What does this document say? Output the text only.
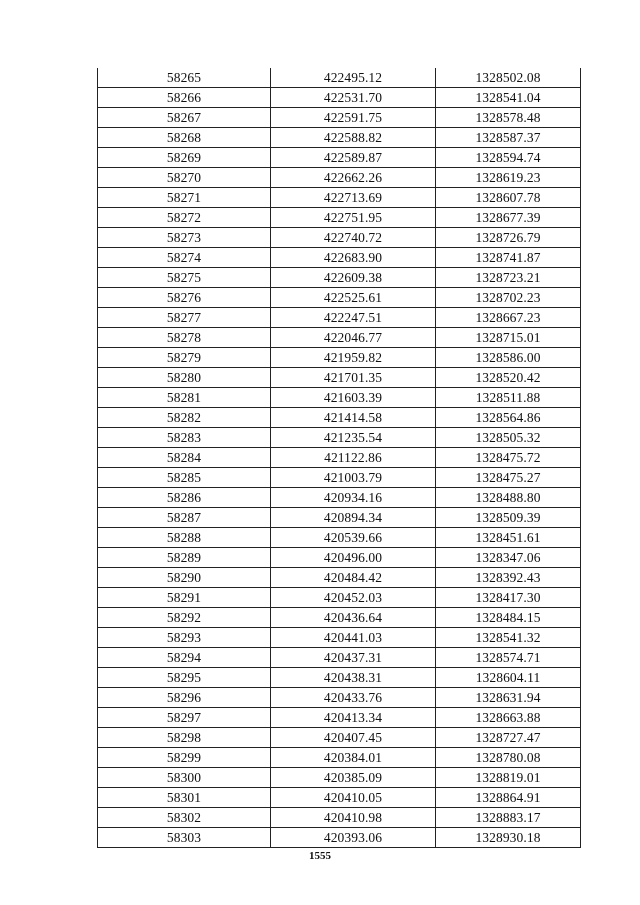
58265	422495.12	1328502.08
58266	422531.70	1328541.04
58267	422591.75	1328578.48
58268	422588.82	1328587.37
58269	422589.87	1328594.74
58270	422662.26	1328619.23
58271	422713.69	1328607.78
58272	422751.95	1328677.39
58273	422740.72	1328726.79
58274	422683.90	1328741.87
58275	422609.38	1328723.21
58276	422525.61	1328702.23
58277	422247.51	1328667.23
58278	422046.77	1328715.01
58279	421959.82	1328586.00
58280	421701.35	1328520.42
58281	421603.39	1328511.88
58282	421414.58	1328564.86
58283	421235.54	1328505.32
58284	421122.86	1328475.72
58285	421003.79	1328475.27
58286	420934.16	1328488.80
58287	420894.34	1328509.39
58288	420539.66	1328451.61
58289	420496.00	1328347.06
58290	420484.42	1328392.43
58291	420452.03	1328417.30
58292	420436.64	1328484.15
58293	420441.03	1328541.32
58294	420437.31	1328574.71
58295	420438.31	1328604.11
58296	420433.76	1328631.94
58297	420413.34	1328663.88
58298	420407.45	1328727.47
58299	420384.01	1328780.08
58300	420385.09	1328819.01
58301	420410.05	1328864.91
58302	420410.98	1328883.17
58303	420393.06	1328930.18
1555
